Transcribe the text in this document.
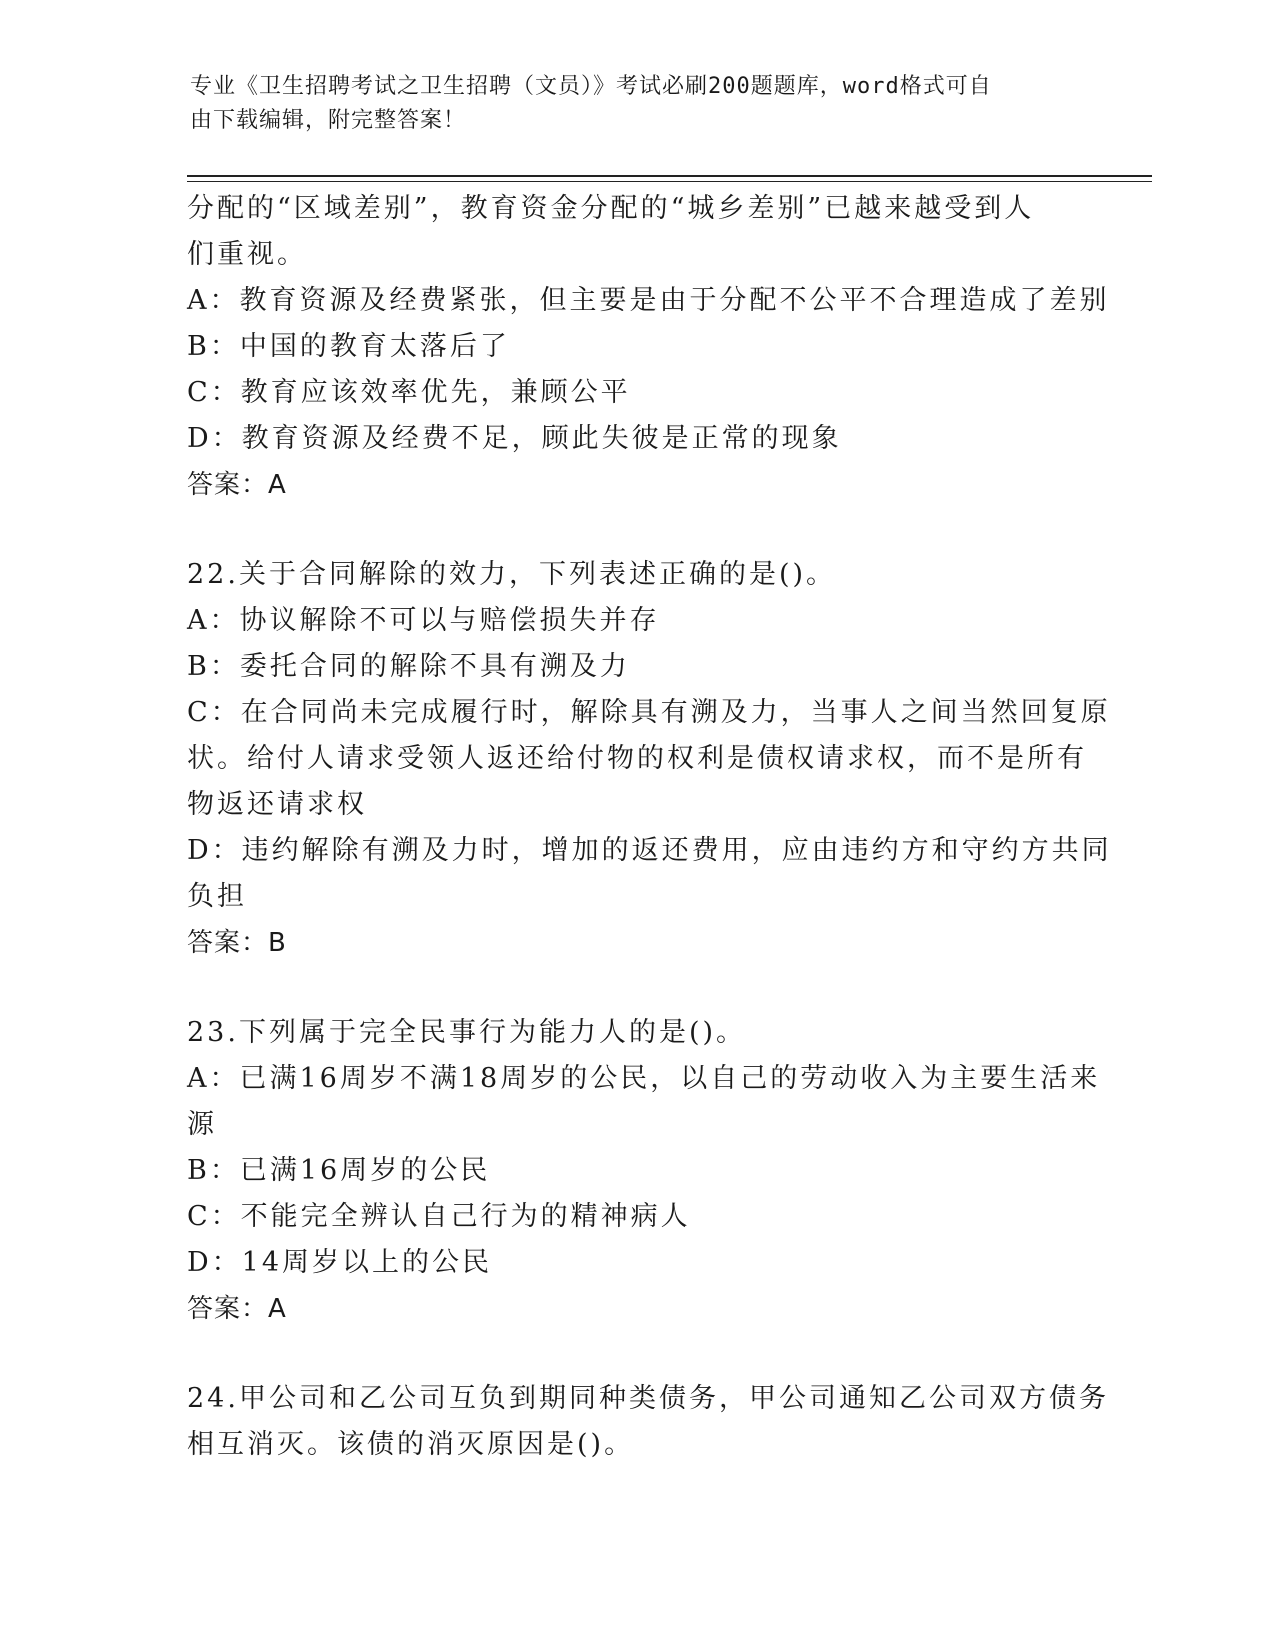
专业《卫生招聘考试之卫生招聘（文员）》考试必刷200题题库，word格式可自
由下载编辑，附完整答案！
分配的“区域差别”，教育资金分配的“城乡差别”已越来越受到人
们重视。
A：教育资源及经费紧张，但主要是由于分配不公平不合理造成了差别
B：中国的教育太落后了
C：教育应该效率优先，兼顾公平
D：教育资源及经费不足，顾此失彼是正常的现象
答案：A
22.关于合同解除的效力，下列表述正确的是()。
A：协议解除不可以与赔偿损失并存
B：委托合同的解除不具有溯及力
C：在合同尚未完成履行时，解除具有溯及力，当事人之间当然回复原
状。给付人请求受领人返还给付物的权利是债权请求权，而不是所有
物返还请求权
D：违约解除有溯及力时，增加的返还费用，应由违约方和守约方共同
负担
答案：B
23.下列属于完全民事行为能力人的是()。
A：已满16周岁不满18周岁的公民，以自己的劳动收入为主要生活来
源
B：已满16周岁的公民
C：不能完全辨认自己行为的精神病人
D：14周岁以上的公民
答案：A
24.甲公司和乙公司互负到期同种类债务，甲公司通知乙公司双方债务
相互消灭。该债的消灭原因是()。
